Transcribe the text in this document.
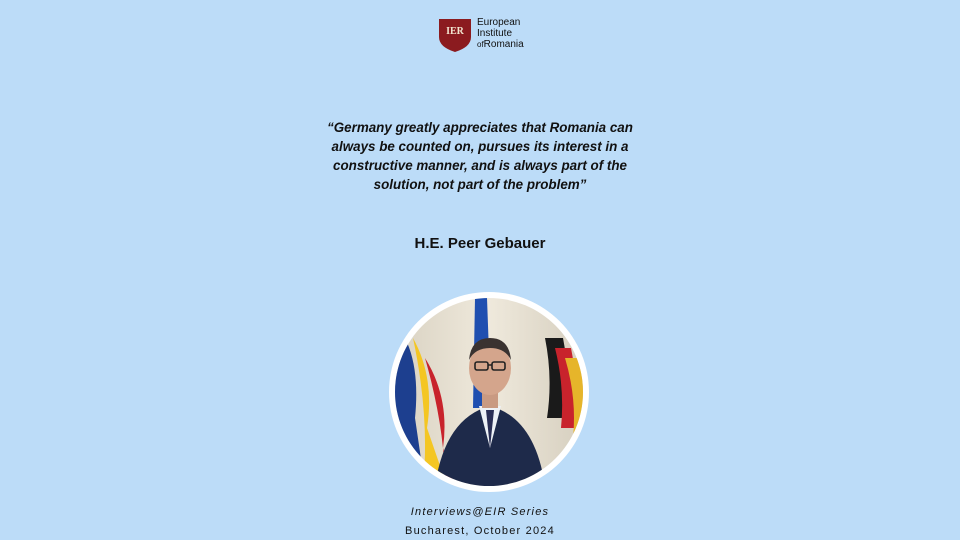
IER
European
Institute
ofRomania
“Germany greatly appreciates that Romania can always be counted on, pursues its interest in a constructive manner, and is always part of the solution, not part of the problem”
H.E. Peer Gebauer
Interviews@EIR Series
Bucharest, October 2024
